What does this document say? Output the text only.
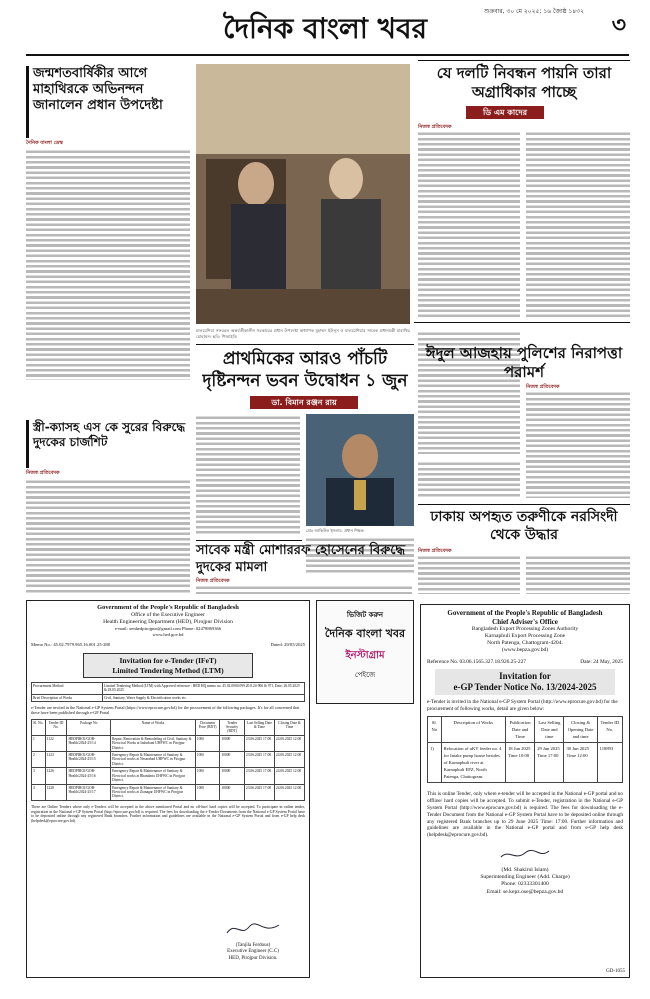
শুক্রবার, ৩০ মে ২০২৫; ১৬ জ্যৈষ্ঠ ১৪৩২
দৈনিক বাংলা খবর	৩
জন্মশতবার্ষিকীর আগে মাহাথিরকে অভিনন্দন জানালেন প্রধান উপদেষ্টা
দৈনিক বাংলা ডেস্ক
মালয়েশিয়া সফররত অন্তর্বর্তীকালীন সরকারের প্রধান উপদেষ্টা অধ্যাপক মুহাম্মদ ইউনূস ও মালয়েশিয়ার সাবেক প্রধানমন্ত্রী মাহাথির মোহাম্মদ। ছবি: পিআইডি
যে দলটি নিবন্ধন পায়নি তারা অগ্রাধিকার পাচ্ছে
ডি এম কাদের
নিজস্ব প্রতিবেদক
প্রাথমিকের আরও পাঁচটি দৃষ্টিনন্দন ভবন উদ্বোধন ১ জুন
ডা. বিমান রঞ্জন রায়
মোঃ জাকিউল ইসলাম, প্রধান শিক্ষক
ঈদুল আজহায় পুলিশের নিরাপত্তা পরামর্শ
নিজস্ব প্রতিবেদক
ঢাকায় অপহৃত তরুণীকে নরসিংদী থেকে উদ্ধার
নিজস্ব প্রতিবেদক
স্ত্রী-ক্যাসহ এস কে সুরের বিরুদ্ধে দুদকের চার্জশিট
নিজস্ব প্রতিবেদক
সাবেক মন্ত্রী মোশাররফ হোসেনের বিরুদ্ধে দুদকের মামলা
নিজস্ব প্রতিবেদক
Government of the People's Republic of Bangladesh
Office of the Executive Engineer
Health Engineering Department (HED), Pirojpur Division
e-mail: xenhedpirojpur@gmail.com Phone: 02478869366
www.hed.gov.bd
Memo No.: 45.02.7979.965.16.001.25-288	Dated: 29/05/2025
Invitation for e-Tender (IFeT)
Limited Tendering Method (LTM)
Procurement Method	Limited Tendering Method (LTM) with Approved reference : HED HQ memo no. 45.02.0000.099.20.8.24-906 & 971, Date: 26.05.2025 & 28.05.2025
Brief Description of Works	Civil, Sanitary, Water Supply & Electrification works etc.
e-Tender are invited in the National e-GP System Portal (https://www.eprocure.gov.bd) for the procurement of the following packages. It's for all concerned that these have been published through e-GP Portal
Sl. No.	Tender ID No.	Package No	Name of Works	Document Price (BDT)	Tender Security (BDT)	Last Selling Date & Time	Closing Date & Time
1	1122	HEDPIROJ/GOB-Health/2024-25/14	Repair, Renovation & Remodeling of Civil, Sanitary & Electrical Works at Indurkani UHFWC in Pirojpur District.	1000	10000	23.06.2025 17:00	24.06.2025 12:00
2	1223	HEDPIROJ/GOB-Health/2024-25/15	Emergency Repair & Maintenance of Sanitary & Electrical works at Nesarabad UHFWC in Pirojpur District.	1000	10000	23.06.2025 17:00	24.06.2025 12:00
3	1226	HEDPIROJ/GOB-Health/2024-25/16	Emergency Repair & Maintenance of Sanitary & Electrical works at Bhandaria UHFWC in Pirojpur District.	1000	10000	23.06.2025 17:00	24.06.2025 12:00
4	1228	HEDPIROJ/GOB-Health/2024-25/17	Emergency Repair & Maintenance of Sanitary & Electrical works at Zianagar UHFWC in Pirojpur District.	1000	10000	23.06.2025 17:00	24.06.2025 12:00
These are Online Tenders where only e-Tenders will be accepted in the above mentioned Portal and no off-line/ hard copies will be accepted. To participate in online tender, registration in the National e-GP System Portal (http://eprocure.gov.bd) is required. The fees for downloading the e-Tender Documents from the National e-GP System Portal have to be deposited online through any registered Bank branches. Further information and guidelines are available in the National e-GP System Portal and from e-GP help desk (helpdesk@eprocure.gov.bd).
(Tanjila Ferdous)
Executive Engineer (C.C)
HED, Pirojpur Division.
ভিজিট করুন
দৈনিক বাংলা খবর
ইনস্টাগ্রাম
পেইজে
Government of the People's Republic of Bangladesh
Chief Adviser's Office
Bangladesh Export Processing Zones Authority
Karnaphuli Export Processing Zone
North Patenga, Chattogram-4204.
(www.bepza.gov.bd)
Reference No. 03.06.1565.327.18.926.25-227	Date: 24 May, 2025
Invitation for
e-GP Tender Notice No. 13/2024-2025
e-Tender is invited in the National e-GP System Portal (http://www.eprocure.gov.bd) for the procurement of following works, detail are given below:
Sl. No	Description of Works	Publication Date and Time	Last Selling Date and time	Closing & Opening Date and time	Tender ID No.
1)	Relocation of uKV feeder no. 4 for Intake pump house besides of Karnaphuli river at Karnaphuli EPZ, North Patenga, Chattogram.	18 Jun 2025 Time 10:00	29 Jun 2025 Time 17:00	30 Jun 2025 Time 12:00	118893
This is online Tender, only where e-tender will be accepted in the National e-GP portal and no offline/ hard copies will be accepted. To submit e-Tender, registration in the National e-GP System Portal (http://www.eprocure.gov.bd) is required. The fees for downloading the e-Tender Document from the National e-GP System Portal have to be deposited online through any registered Bank branches up to 29 June 2025 Time: 17:00. Further information and guidelines are available in the National e-GP portal and from e-GP help desk (helpdesk@eprocure.gov.bd).
(Md. Shakirul Islam)
Superintending Engineer (Add. Charge)
Phone: 02333301400
Email: se.kepz.ose@bepza.gov.bd
GD-1055
